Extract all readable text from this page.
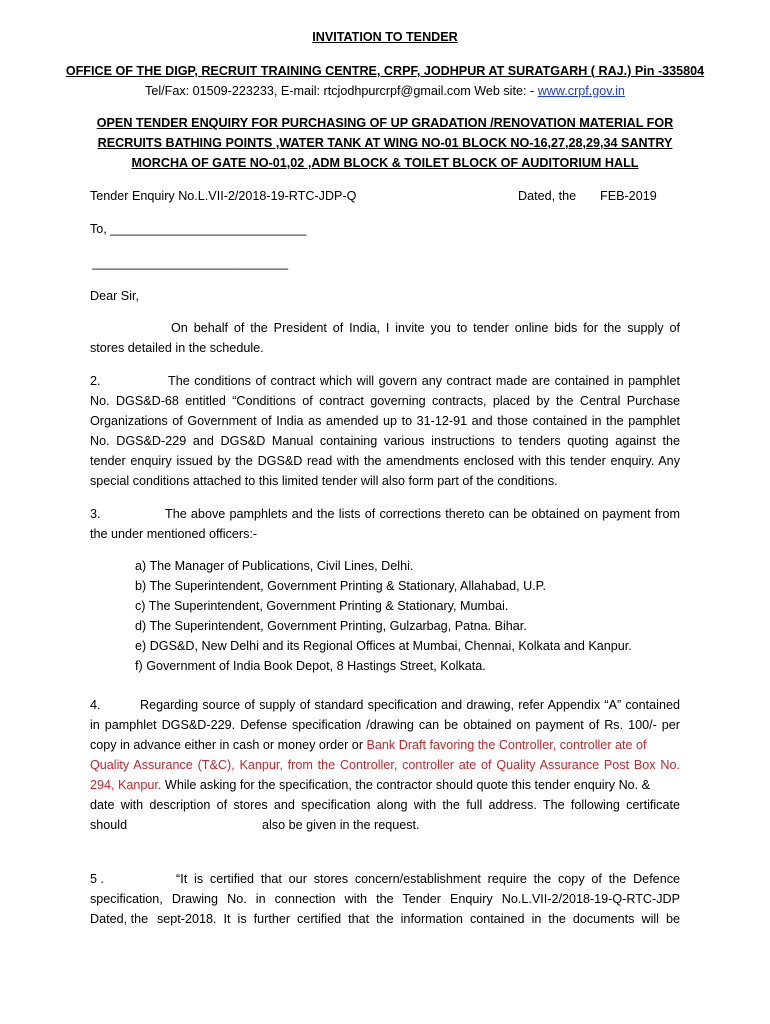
INVITATION TO TENDER
OFFICE OF THE DIGP, RECRUIT TRAINING CENTRE, CRPF, JODHPUR AT SURATGARH ( RAJ.) Pin -335804
Tel/Fax: 01509-223233, E-mail: rtcjodhpurcrpf@gmail.com Web site: - www.crpf.gov.in
OPEN TENDER ENQUIRY FOR PURCHASING OF UP GRADATION /RENOVATION MATERIAL FOR
RECRUITS BATHING POINTS ,WATER TANK AT WING NO-01 BLOCK NO-16,27,28,29,34 SANTRY
MORCHA OF GATE NO-01,02 ,ADM BLOCK & TOILET BLOCK OF AUDITORIUM HALL
Tender Enquiry No.L.VII-2/2018-19-RTC-JDP-Q	Dated, the	FEB-2019
To, ____________________________
____________________________
Dear Sir,
On behalf of the President of India, I invite you to tender online bids for the supply of
stores detailed in the schedule.
2.	The conditions of contract which will govern any contract made are contained in pamphlet
No. DGS&D-68 entitled “Conditions of contract governing contracts, placed by the Central Purchase
Organizations of Government of India as amended up to 31-12-91 and those contained in the pamphlet
No. DGS&D-229 and DGS&D Manual containing various instructions to tenders quoting against the
tender enquiry issued by the DGS&D read with the amendments enclosed with this tender enquiry. Any
special conditions attached to this limited tender will also form part of the conditions.
3.	The above pamphlets and the lists of corrections thereto can be obtained on payment from
the under mentioned officers:-
a) The Manager of Publications, Civil Lines, Delhi.
b) The Superintendent, Government Printing & Stationary, Allahabad, U.P.
c) The Superintendent, Government Printing & Stationary, Mumbai.
d) The Superintendent, Government Printing, Gulzarbag, Patna. Bihar.
e) DGS&D, New Delhi and its Regional Offices at Mumbai, Chennai, Kolkata and Kanpur.
f) Government of India Book Depot, 8 Hastings Street, Kolkata.
4.	Regarding source of supply of standard specification and drawing, refer Appendix “A” contained
in pamphlet DGS&D-229. Defense specification /drawing can be obtained on payment of Rs. 100/- per
copy in advance either in cash or money order or Bank Draft favoring the Controller, controller ate of
Quality Assurance (T&C), Kanpur, from the Controller, controller ate of Quality Assurance Post Box No.
294, Kanpur. While asking for the specification, the contractor should quote this tender enquiry No. &
date with description of stores and specification along with the full address. The following certificate
should	also be given in the request.
5 .	“It is certified that our stores concern/establishment require the copy of the Defence
specification, Drawing No. in connection with the Tender Enquiry No.L.VII-2/2018-19-Q-RTC-JDP
Dated, the sept-2018. It is further certified that the information contained in the documents will be
